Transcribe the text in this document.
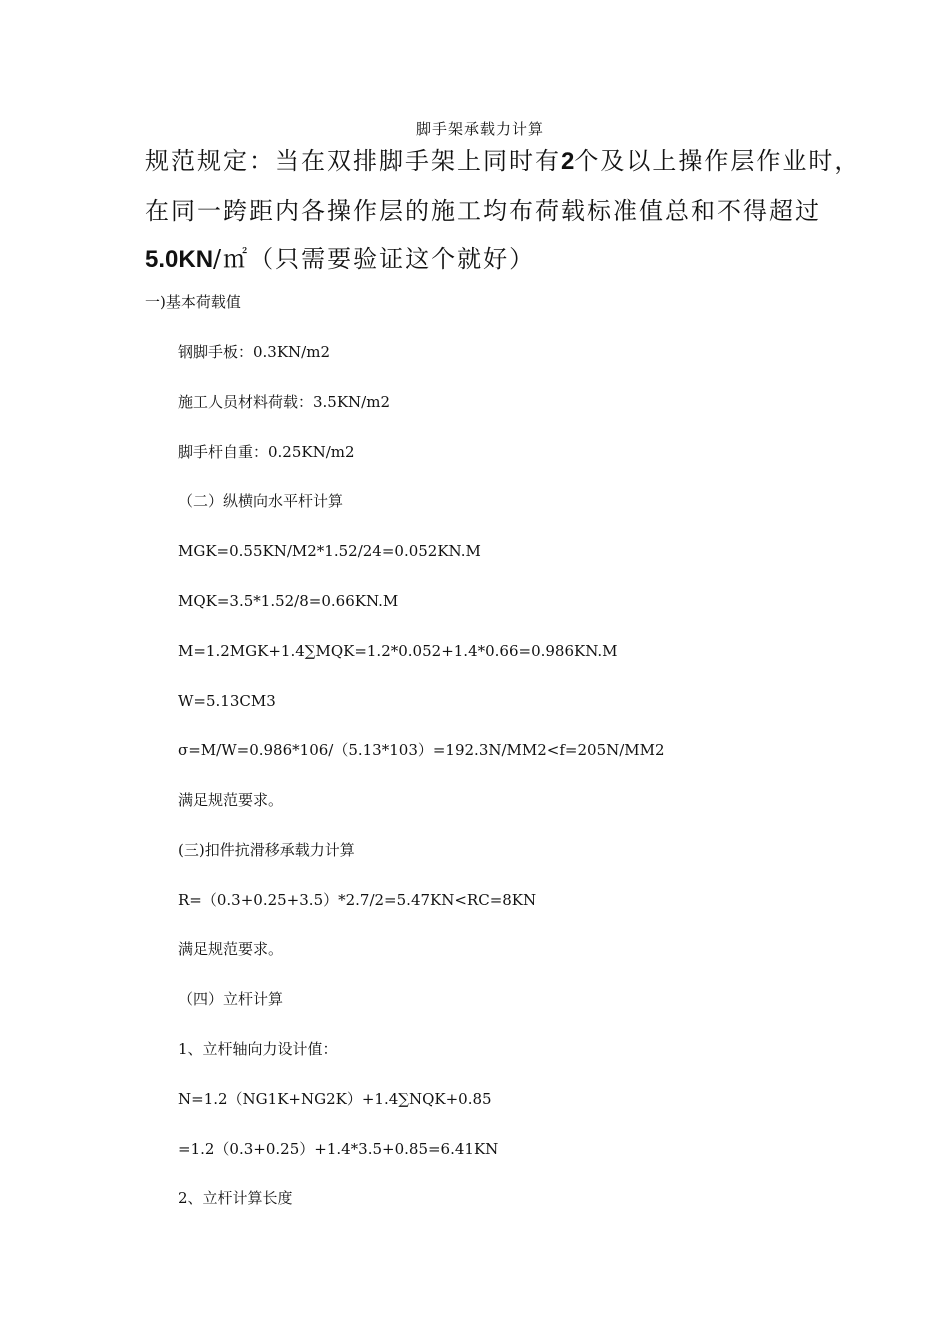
脚手架承载力计算
规范规定：当在双排脚手架上同时有2个及以上操作层作业时，
在同一跨距内各操作层的施工均布荷载标准值总和不得超过
5.0KN/㎡（只需要验证这个就好）
一)基本荷载值
钢脚手板：0.3KN/m2
施工人员材料荷载：3.5KN/m2
脚手杆自重：0.25KN/m2
（二）纵横向水平杆计算
MGK=0.55KN/M2*1.52/24=0.052KN.M
MQK=3.5*1.52/8=0.66KN.M
M=1.2MGK+1.4∑MQK=1.2*0.052+1.4*0.66=0.986KN.M
W=5.13CM3
σ=M/W=0.986*106/（5.13*103）=192.3N/MM2<f=205N/MM2
满足规范要求。
(三)扣件抗滑移承载力计算
R=（0.3+0.25+3.5）*2.7/2=5.47KN<RC=8KN
满足规范要求。
（四）立杆计算
1、立杆轴向力设计值：
N=1.2（NG1K+NG2K）+1.4∑NQK+0.85
=1.2（0.3+0.25）+1.4*3.5+0.85=6.41KN
2、立杆计算长度
